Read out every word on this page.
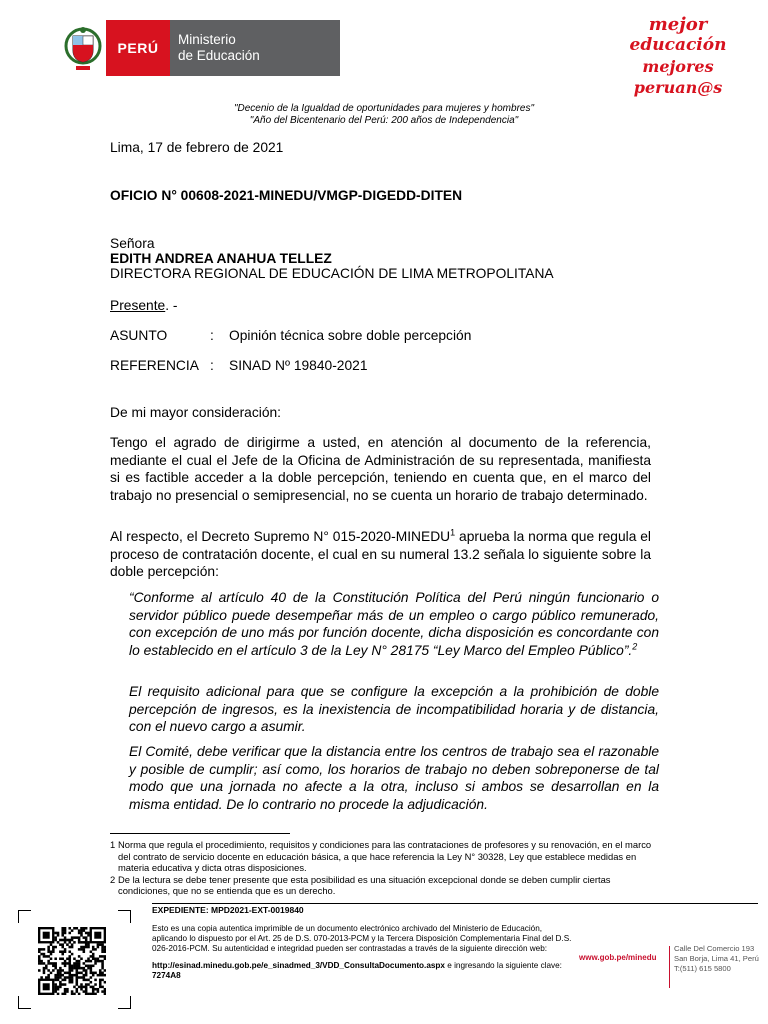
PERÚ
Ministerio
de Educación
mejor
educación
mejores
peruan@s
"Decenio de la Igualdad de oportunidades para mujeres y hombres"
"Año del Bicentenario del Perú: 200 años de Independencia"
Lima, 17 de febrero de 2021
OFICIO N° 00608-2021-MINEDU/VMGP-DIGEDD-DITEN
Señora
EDITH ANDREA ANAHUA TELLEZ
DIRECTORA REGIONAL DE EDUCACIÓN DE LIMA METROPOLITANA
Presente. -
ASUNTO	: Opinión técnica sobre doble percepción
REFERENCIA : SINAD Nº 19840-2021
De mi mayor consideración:
Tengo el agrado de dirigirme a usted, en atención al documento de la referencia, mediante el cual el Jefe de la Oficina de Administración de su representada, manifiesta si es factible acceder a la doble percepción, teniendo en cuenta que, en el marco del trabajo no presencial o semipresencial, no se cuenta un horario de trabajo determinado.
Al respecto, el Decreto Supremo N° 015-2020-MINEDU$^1$ aprueba la norma que regula el proceso de contratación docente, el cual en su numeral 13.2 señala lo siguiente sobre la doble percepción:
“Conforme al artículo 40 de la Constitución Política del Perú ningún funcionario o servidor público puede desempeñar más de un empleo o cargo público remunerado, con excepción de uno más por función docente, dicha disposición es concordante con lo establecido en el artículo 3 de la Ley N° 28175 “Ley Marco del Empleo Público”.$^2$
El requisito adicional para que se configure la excepción a la prohibición de doble percepción de ingresos, es la inexistencia de incompatibilidad horaria y de distancia, con el nuevo cargo a asumir.
El Comité, debe verificar que la distancia entre los centros de trabajo sea el razonable y posible de cumplir; así como, los horarios de trabajo no deben sobreponerse de tal modo que una jornada no afecte a la otra, incluso si ambos se desarrollan en la misma entidad. De lo contrario no procede la adjudicación.
1 Norma que regula el procedimiento, requisitos y condiciones para las contrataciones de profesores y su renovación, en el marco del contrato de servicio docente en educación básica, a que hace referencia la Ley N° 30328, Ley que establece medidas en materia educativa y dicta otras disposiciones.
2 De la lectura se debe tener presente que esta posibilidad es una situación excepcional donde se deben cumplir ciertas condiciones, que no se entienda que es un derecho.
EXPEDIENTE: MPD2021-EXT-0019840
Esto es una copia autentica imprimible de un documento electrónico archivado del Ministerio de Educación, aplicando lo dispuesto por el Art. 25 de D.S. 070-2013-PCM y la Tercera Disposición Complementaria Final del D.S. 026-2016-PCM. Su autenticidad e integridad pueden ser contrastadas a través de la siguiente dirección web:
http://esinad.minedu.gob.pe/e_sinadmed_3/VDD_ConsultaDocumento.aspx e ingresando la siguiente clave: 7274A8
www.gob.pe/minedu
Calle Del Comercio 193
San Borja, Lima 41, Perú
T:(511) 615 5800
